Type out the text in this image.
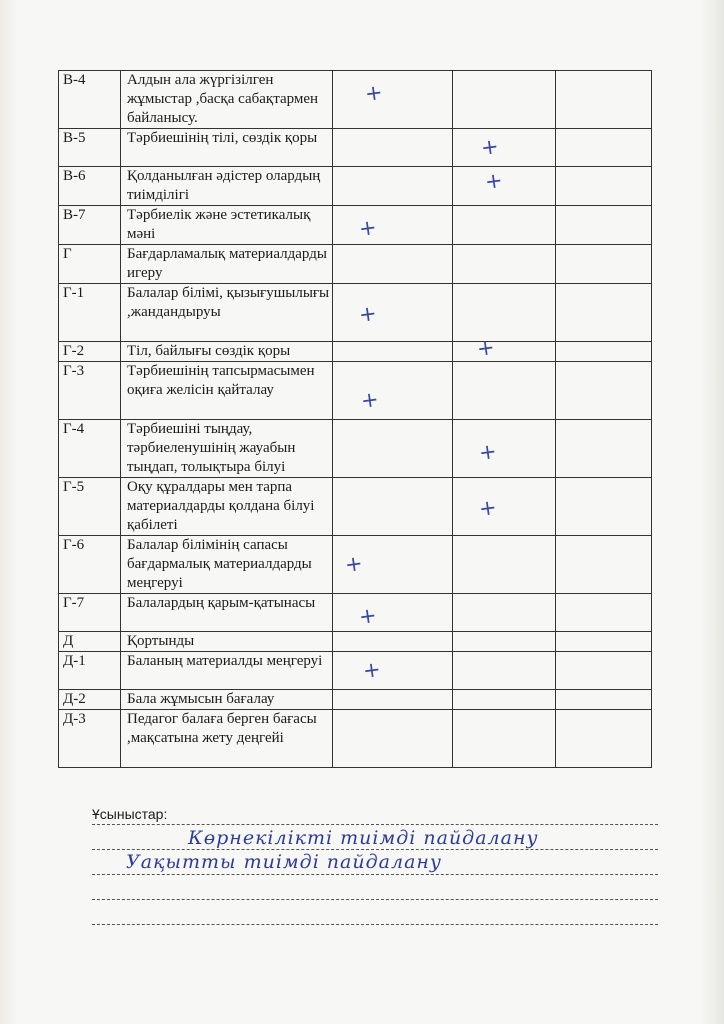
В-4	Алдын ала жүргізілген жұмыстар ,басқа сабақтармен байланысу.	+		

В-5	Тәрбиешінің тілі, сөздік қоры		+	

В-6	Қолданылған әдістер олардың тиімділігі		+	

В-7	Тәрбиелік және эстетикалық мәні	+		

Г	Бағдарламалық материалдарды игеру			
Г-1	Балалар білімі, қызығушылығы ,жандандыруы	+		

Г-2	Тіл, байлығы сөздік қоры		+	

Г-3	Тәрбиешінің тапсырмасымен оқиға желісін қайталау	+		

Г-4	Тәрбиешіні тыңдау, тәрбиеленушінің жауабын тыңдап, толықтыра білуі		+	

Г-5	Оқу құралдары мен тарпа материалдарды қолдана білуі қабілеті		+	

Г-6	Балалар білімінің сапасы бағдармалық материалдарды меңгеруі	+		

Г-7	Балалардың қарым-қатынасы	+		

Д	Қортынды			
Д-1	Баланың материалды меңгеруі	+		

Д-2	Бала жұмысын бағалау			
Д-3	Педагог балаға берген бағасы ,мақсатына жету деңгейі			
Ұсыныстар:
Көрнекілікті тиімді пайдалану
Уақытты тиімді пайдалану
